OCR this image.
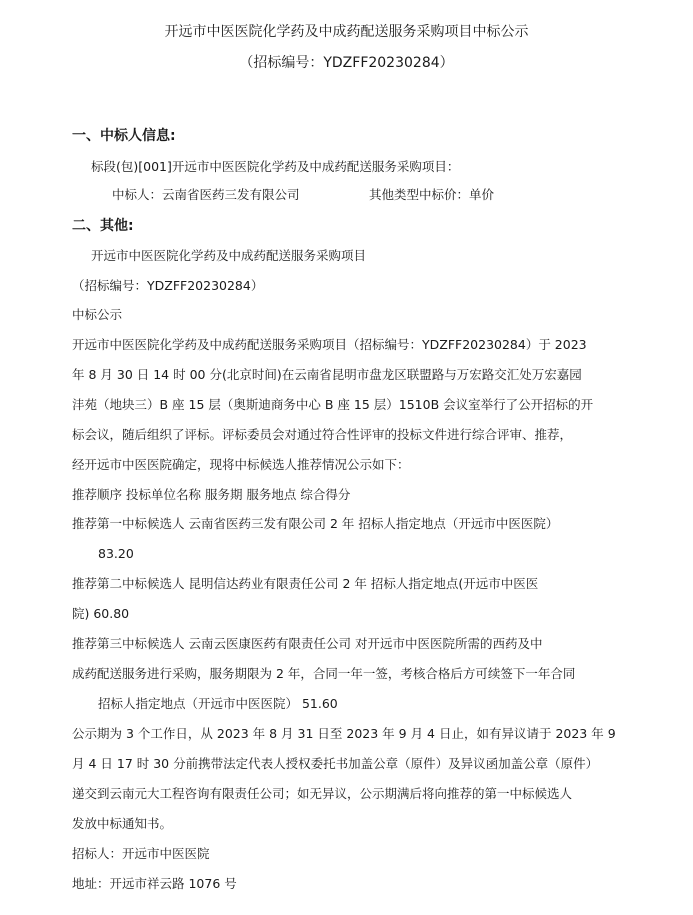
开远市中医医院化学药及中成药配送服务采购项目中标公示
（招标编号：YDZFF20230284）
一、中标人信息:
标段(包)[001]开远市中医医院化学药及中成药配送服务采购项目：
中标人：云南省医药三发有限公司	其他类型中标价：单价
二、其他:
开远市中医医院化学药及中成药配送服务采购项目
（招标编号：YDZFF20230284）
中标公示
开远市中医医院化学药及中成药配送服务采购项目（招标编号：YDZFF20230284）于 2023
年 8 月 30 日 14 时 00 分(北京时间)在云南省昆明市盘龙区联盟路与万宏路交汇处万宏嘉园
沣苑（地块三）B 座 15 层（奥斯迪商务中心 B 座 15 层）1510B 会议室举行了公开招标的开
标会议，随后组织了评标。评标委员会对通过符合性评审的投标文件进行综合评审、推荐，
经开远市中医医院确定，现将中标候选人推荐情况公示如下：
推荐顺序 投标单位名称 服务期 服务地点 综合得分
推荐第一中标候选人 云南省医药三发有限公司 2 年 招标人指定地点（开远市中医医院）
83.20
推荐第二中标候选人 昆明信达药业有限责任公司 2 年 招标人指定地点(开远市中医医
院) 60.80
推荐第三中标候选人 云南云医康医药有限责任公司 对开远市中医医院所需的西药及中
成药配送服务进行采购，服务期限为 2 年，合同一年一签，考核合格后方可续签下一年合同
招标人指定地点（开远市中医医院） 51.60
公示期为 3 个工作日，从 2023 年 8 月 31 日至 2023 年 9 月 4 日止，如有异议请于 2023 年 9
月 4 日 17 时 30 分前携带法定代表人授权委托书加盖公章（原件）及异议函加盖公章（原件）
递交到云南元大工程咨询有限责任公司；如无异议，公示期满后将向推荐的第一中标候选人
发放中标通知书。
招标人：开远市中医医院
地址：开远市祥云路 1076 号
